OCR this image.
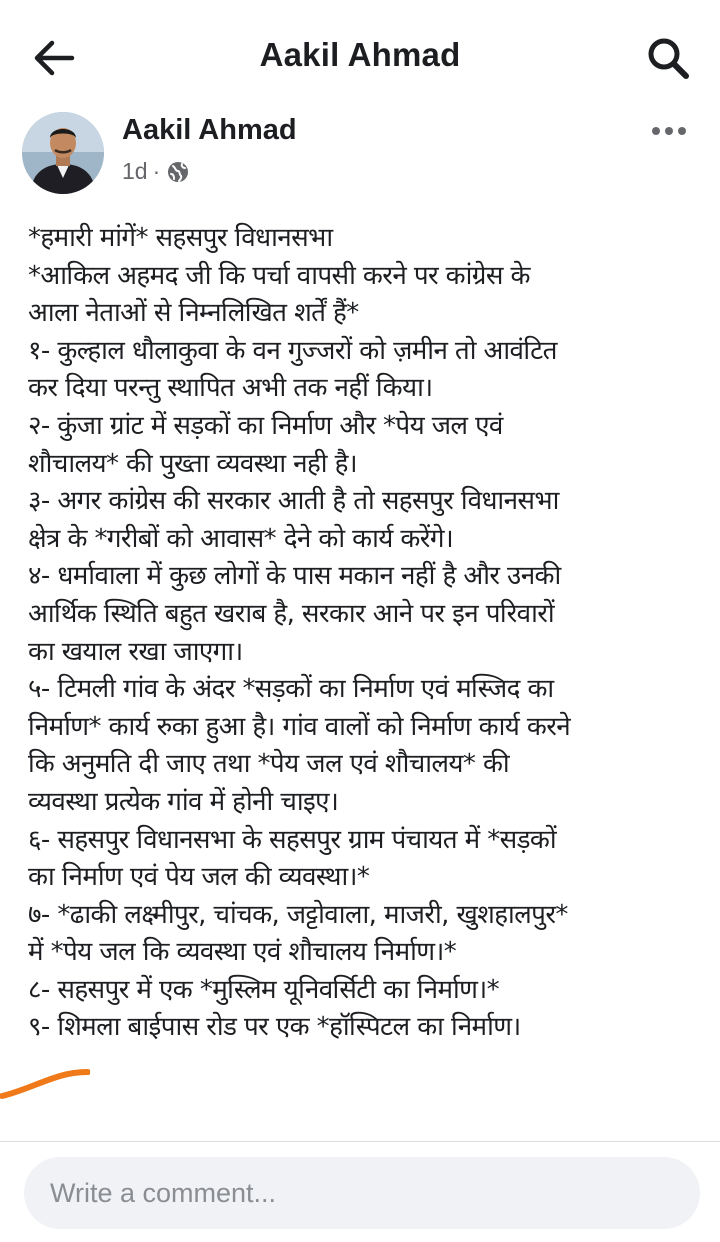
Aakil Ahmad
Aakil Ahmad
1d ·
*हमारी मांगें* सहसपुर विधानसभा
*आकिल अहमद जी कि पर्चा वापसी करने पर कांग्रेस के
आला नेताओं से निम्नलिखित शर्तें हैं*
१- कुल्हाल धौलाकुवा के वन गुज्जरों को ज़मीन तो आवंटित
कर दिया परन्तु स्थापित अभी तक नहीं किया।
२- कुंजा ग्रांट में सड़कों का निर्माण और *पेय जल एवं
शौचालय* की पुख्ता व्यवस्था नही है।
३- अगर कांग्रेस की सरकार आती है तो सहसपुर विधानसभा
क्षेत्र के *गरीबों को आवास* देने को कार्य करेंगे।
४- धर्मावाला में कुछ लोगों के पास मकान नहीं है और उनकी
आर्थिक स्थिति बहुत खराब है, सरकार आने पर इन परिवारों
का खयाल रखा जाएगा।
५- टिमली गांव के अंदर *सड़कों का निर्माण एवं मस्जिद का
निर्माण* कार्य रुका हुआ है। गांव वालों को निर्माण कार्य करने
कि अनुमति दी जाए तथा *पेय जल एवं शौचालय* की
व्यवस्था प्रत्येक गांव में होनी चाइए।
६- सहसपुर विधानसभा के सहसपुर ग्राम पंचायत में *सड़कों
का निर्माण एवं पेय जल की व्यवस्था।*
७- *ढाकी लक्ष्मीपुर, चांचक, जट्टोवाला, माजरी, खुशहालपुर*
में *पेय जल कि व्यवस्था एवं शौचालय निर्माण।*
८- सहसपुर में एक *मुस्लिम यूनिवर्सिटी का निर्माण।*
९- शिमला बाईपास रोड पर एक *हॉस्पिटल का निर्माण।
Write a comment...
